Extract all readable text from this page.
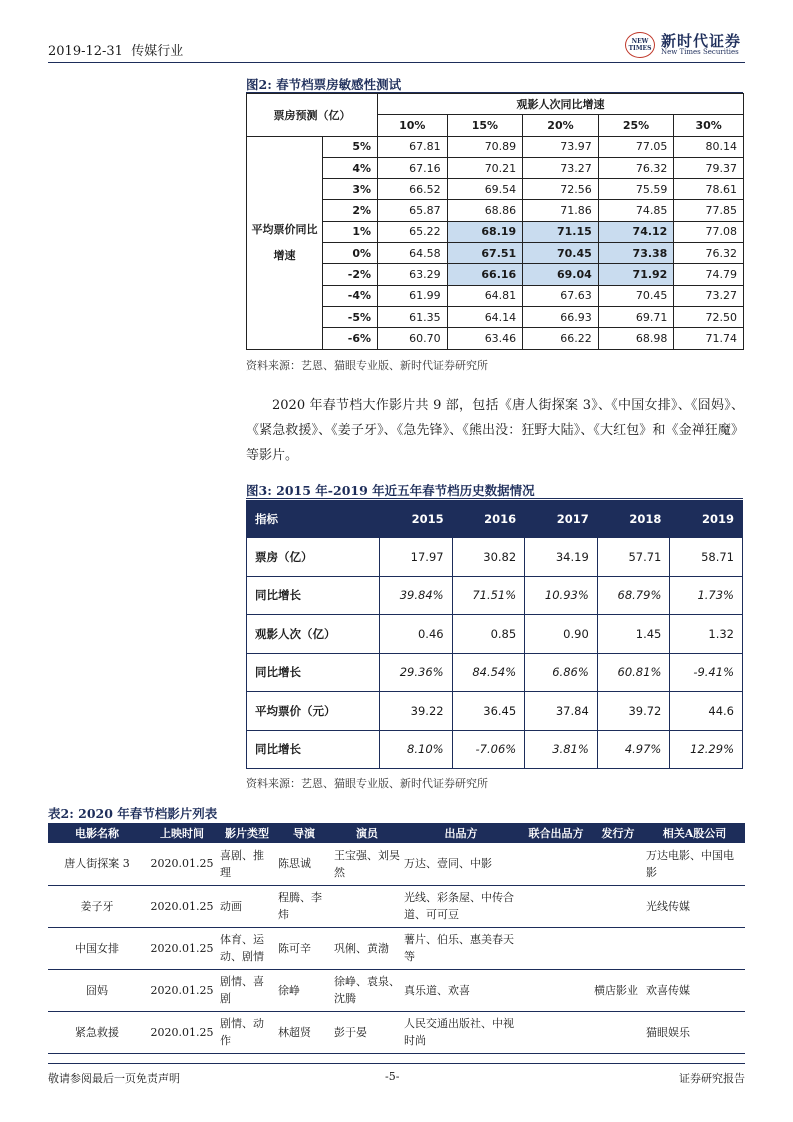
2019-12-31 传媒行业
NEW TIMES 新时代证券
New Times Securities
图2: 春节档票房敏感性测试
票房预测（亿）		观影人次同比增速				
		10%	15%	20%	25%	30%
平均票价同比增速	5%	67.81	70.89	73.97	77.05	80.14
	4%	67.16	70.21	73.27	76.32	79.37
	3%	66.52	69.54	72.56	75.59	78.61
	2%	65.87	68.86	71.86	74.85	77.85
	1%	65.22	68.19	71.15	74.12	77.08
	0%	64.58	67.51	70.45	73.38	76.32
	-2%	63.29	66.16	69.04	71.92	74.79
	-4%	61.99	64.81	67.63	70.45	73.27
	-5%	61.35	64.14	66.93	69.71	72.50
	-6%	60.70	63.46	66.22	68.98	71.74
资料来源：艺恩、猫眼专业版、新时代证券研究所
2020 年春节档大作影片共 9 部，包括《唐人街探案 3》、《中国女排》、《囧妈》、《紧急救援》、《姜子牙》、《急先锋》、《熊出没：狂野大陆》、《大红包》和《金禅狂魔》等影片。
图3: 2015 年-2019 年近五年春节档历史数据情况
指标	2015	2016	2017	2018	2019
票房（亿）	17.97	30.82	34.19	57.71	58.71
同比增长	39.84%	71.51%	10.93%	68.79%	1.73%
观影人次（亿）	0.46	0.85	0.90	1.45	1.32
同比增长	29.36%	84.54%	6.86%	60.81%	-9.41%
平均票价（元）	39.22	36.45	37.84	39.72	44.6
同比增长	8.10%	-7.06%	3.81%	4.97%	12.29%
资料来源：艺恩、猫眼专业版、新时代证券研究所
表2: 2020 年春节档影片列表
电影名称	上映时间	影片类型	导演	演员	出品方	联合出品方	发行方	相关A股公司
唐人街探案 3	2020.01.25	喜剧、推理	陈思诚	王宝强、刘昊然	万达、壹同、中影			万达电影、中国电影
姜子牙	2020.01.25	动画	程腾、李炜		光线、彩条屋、中传合道、可可豆			光线传媒
中国女排	2020.01.25	体育、运动、剧情	陈可辛	巩俐、黄渤	薯片、伯乐、惠美春天等			
囧妈	2020.01.25	剧情、喜剧	徐峥	徐峥、袁泉、沈腾	真乐道、欢喜		横店影业	欢喜传媒
紧急救援	2020.01.25	剧情、动作	林超贤	彭于晏	人民交通出版社、中视时尚			猫眼娱乐
敬请参阅最后一页免责声明	-5-	证券研究报告
